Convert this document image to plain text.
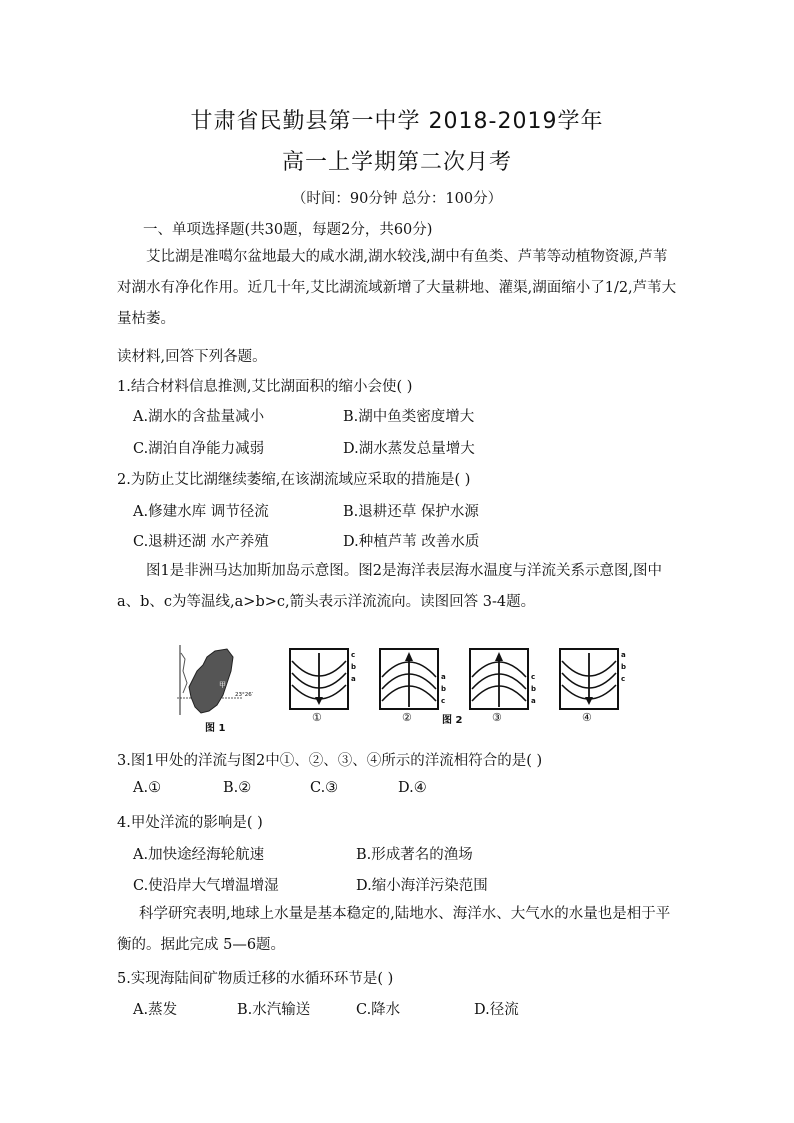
甘肃省民勤县第一中学 2018-2019学年
高一上学期第二次月考
（时间：90分钟 总分：100分）
一、单项选择题(共30题，每题2分，共60分)
艾比湖是准噶尔盆地最大的咸水湖,湖水较浅,湖中有鱼类、芦苇等动植物资源,芦苇对湖水有净化作用。近几十年,艾比湖流域新增了大量耕地、灌渠,湖面缩小了1/2,芦苇大量枯萎。
读材料,回答下列各题。
1.结合材料信息推测,艾比湖面积的缩小会使( )
A.湖水的含盐量减小	B.湖中鱼类密度增大
C.湖泊自净能力减弱	D.湖水蒸发总量增大
2.为防止艾比湖继续萎缩,在该湖流域应采取的措施是( )
A.修建水库 调节径流	B.退耕还草 保护水源
C.退耕还湖 水产养殖	D.种植芦苇 改善水质
图1是非洲马达加斯加岛示意图。图2是海洋表层海水温度与洋流关系示意图,图中 a、b、c为等温线,a>b>c,箭头表示洋流流向。读图回答 3-4题。
甲
23°26′
图 1
c
b
a	a
b
c
c
b
a
a
b
c
①	②	图 2	③	④
3.图1甲处的洋流与图2中①、②、③、④所示的洋流相符合的是( )
A.①	B.②	C.③	D.④
4.甲处洋流的影响是( )
A.加快途经海轮航速	B.形成著名的渔场
C.使沿岸大气增温增湿	D.缩小海洋污染范围
科学研究表明,地球上水量是基本稳定的,陆地水、海洋水、大气水的水量也是相于平衡的。据此完成 5—6题。
5.实现海陆间矿物质迁移的水循环环节是( )
A.蒸发	B.水汽输送	C.降水	D.径流
